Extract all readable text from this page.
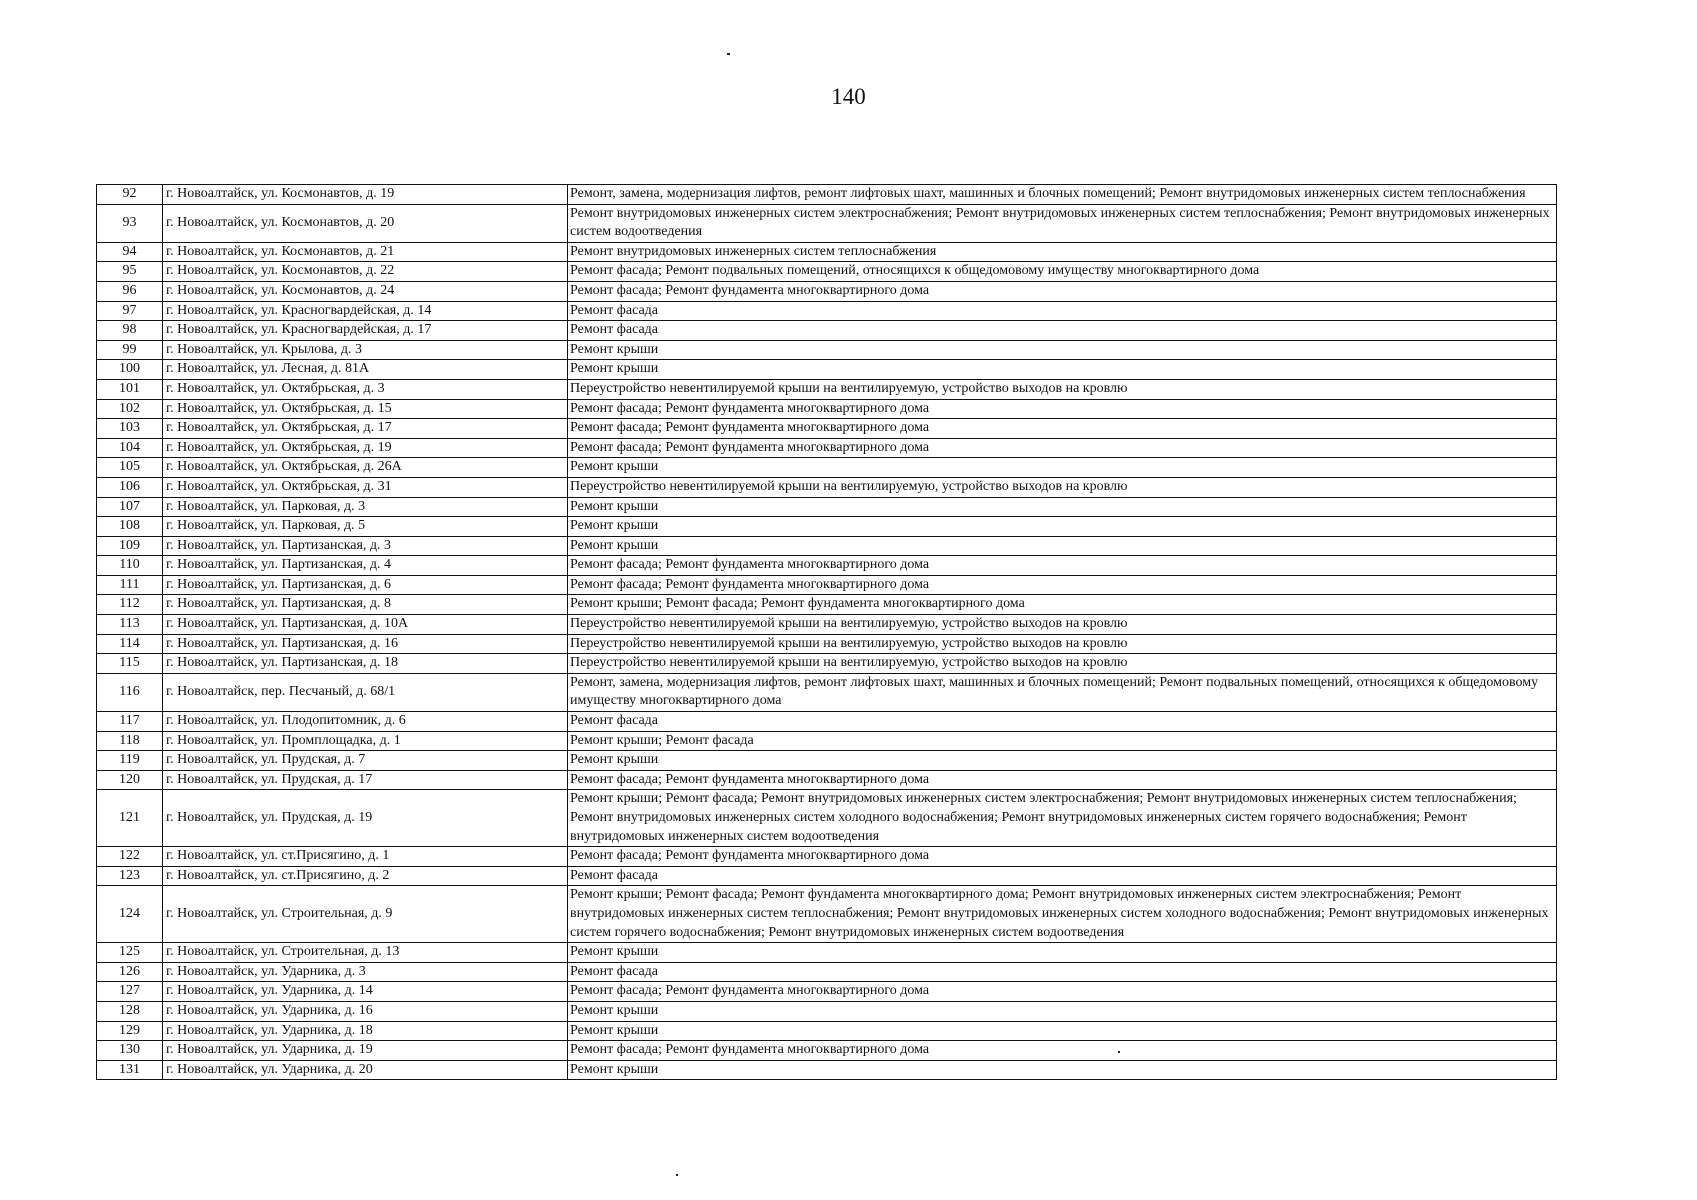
140
92	г. Новоалтайск, ул. Космонавтов, д. 19	Ремонт, замена, модернизация лифтов, ремонт лифтовых шахт, машинных и блочных помещений; Ремонт внутридомовых инженерных систем теплоснабжения
93	г. Новоалтайск, ул. Космонавтов, д. 20	Ремонт внутридомовых инженерных систем электроснабжения; Ремонт внутридомовых инженерных систем теплоснабжения; Ремонт внутридомовых инженерных систем водоотведения
94	г. Новоалтайск, ул. Космонавтов, д. 21	Ремонт внутридомовых инженерных систем теплоснабжения
95	г. Новоалтайск, ул. Космонавтов, д. 22	Ремонт фасада; Ремонт подвальных помещений, относящихся к общедомовому имуществу многоквартирного дома
96	г. Новоалтайск, ул. Космонавтов, д. 24	Ремонт фасада; Ремонт фундамента многоквартирного дома
97	г. Новоалтайск, ул. Красногвардейская, д. 14	Ремонт фасада
98	г. Новоалтайск, ул. Красногвардейская, д. 17	Ремонт фасада
99	г. Новоалтайск, ул. Крылова, д. 3	Ремонт крыши
100	г. Новоалтайск, ул. Лесная, д. 81А	Ремонт крыши
101	г. Новоалтайск, ул. Октябрьская, д. 3	Переустройство невентилируемой крыши на вентилируемую, устройство выходов на кровлю
102	г. Новоалтайск, ул. Октябрьская, д. 15	Ремонт фасада; Ремонт фундамента многоквартирного дома
103	г. Новоалтайск, ул. Октябрьская, д. 17	Ремонт фасада; Ремонт фундамента многоквартирного дома
104	г. Новоалтайск, ул. Октябрьская, д. 19	Ремонт фасада; Ремонт фундамента многоквартирного дома
105	г. Новоалтайск, ул. Октябрьская, д. 26А	Ремонт крыши
106	г. Новоалтайск, ул. Октябрьская, д. 31	Переустройство невентилируемой крыши на вентилируемую, устройство выходов на кровлю
107	г. Новоалтайск, ул. Парковая, д. 3	Ремонт крыши
108	г. Новоалтайск, ул. Парковая, д. 5	Ремонт крыши
109	г. Новоалтайск, ул. Партизанская, д. 3	Ремонт крыши
110	г. Новоалтайск, ул. Партизанская, д. 4	Ремонт фасада; Ремонт фундамента многоквартирного дома
111	г. Новоалтайск, ул. Партизанская, д. 6	Ремонт фасада; Ремонт фундамента многоквартирного дома
112	г. Новоалтайск, ул. Партизанская, д. 8	Ремонт крыши; Ремонт фасада; Ремонт фундамента многоквартирного дома
113	г. Новоалтайск, ул. Партизанская, д. 10А	Переустройство невентилируемой крыши на вентилируемую, устройство выходов на кровлю
114	г. Новоалтайск, ул. Партизанская, д. 16	Переустройство невентилируемой крыши на вентилируемую, устройство выходов на кровлю
115	г. Новоалтайск, ул. Партизанская, д. 18	Переустройство невентилируемой крыши на вентилируемую, устройство выходов на кровлю
116	г. Новоалтайск, пер. Песчаный, д. 68/1	Ремонт, замена, модернизация лифтов, ремонт лифтовых шахт, машинных и блочных помещений; Ремонт подвальных помещений, относящихся к общедомовому имуществу многоквартирного дома
117	г. Новоалтайск, ул. Плодопитомник, д. 6	Ремонт фасада
118	г. Новоалтайск, ул. Промплощадка, д. 1	Ремонт крыши; Ремонт фасада
119	г. Новоалтайск, ул. Прудская, д. 7	Ремонт крыши
120	г. Новоалтайск, ул. Прудская, д. 17	Ремонт фасада; Ремонт фундамента многоквартирного дома
121	г. Новоалтайск, ул. Прудская, д. 19	Ремонт крыши; Ремонт фасада; Ремонт внутридомовых инженерных систем электроснабжения; Ремонт внутридомовых инженерных систем теплоснабжения; Ремонт внутридомовых инженерных систем холодного водоснабжения; Ремонт внутридомовых инженерных систем горячего водоснабжения; Ремонт внутридомовых инженерных систем водоотведения
122	г. Новоалтайск, ул. ст.Присягино, д. 1	Ремонт фасада; Ремонт фундамента многоквартирного дома
123	г. Новоалтайск, ул. ст.Присягино, д. 2	Ремонт фасада
124	г. Новоалтайск, ул. Строительная, д. 9	Ремонт крыши; Ремонт фасада; Ремонт фундамента многоквартирного дома; Ремонт внутридомовых инженерных систем электроснабжения; Ремонт внутридомовых инженерных систем теплоснабжения; Ремонт внутридомовых инженерных систем холодного водоснабжения; Ремонт внутридомовых инженерных систем горячего водоснабжения; Ремонт внутридомовых инженерных систем водоотведения
125	г. Новоалтайск, ул. Строительная, д. 13	Ремонт крыши
126	г. Новоалтайск, ул. Ударника, д. 3	Ремонт фасада
127	г. Новоалтайск, ул. Ударника, д. 14	Ремонт фасада; Ремонт фундамента многоквартирного дома
128	г. Новоалтайск, ул. Ударника, д. 16	Ремонт крыши
129	г. Новоалтайск, ул. Ударника, д. 18	Ремонт крыши
130	г. Новоалтайск, ул. Ударника, д. 19	Ремонт фасада; Ремонт фундамента многоквартирного дома
131	г. Новоалтайск, ул. Ударника, д. 20	Ремонт крыши
